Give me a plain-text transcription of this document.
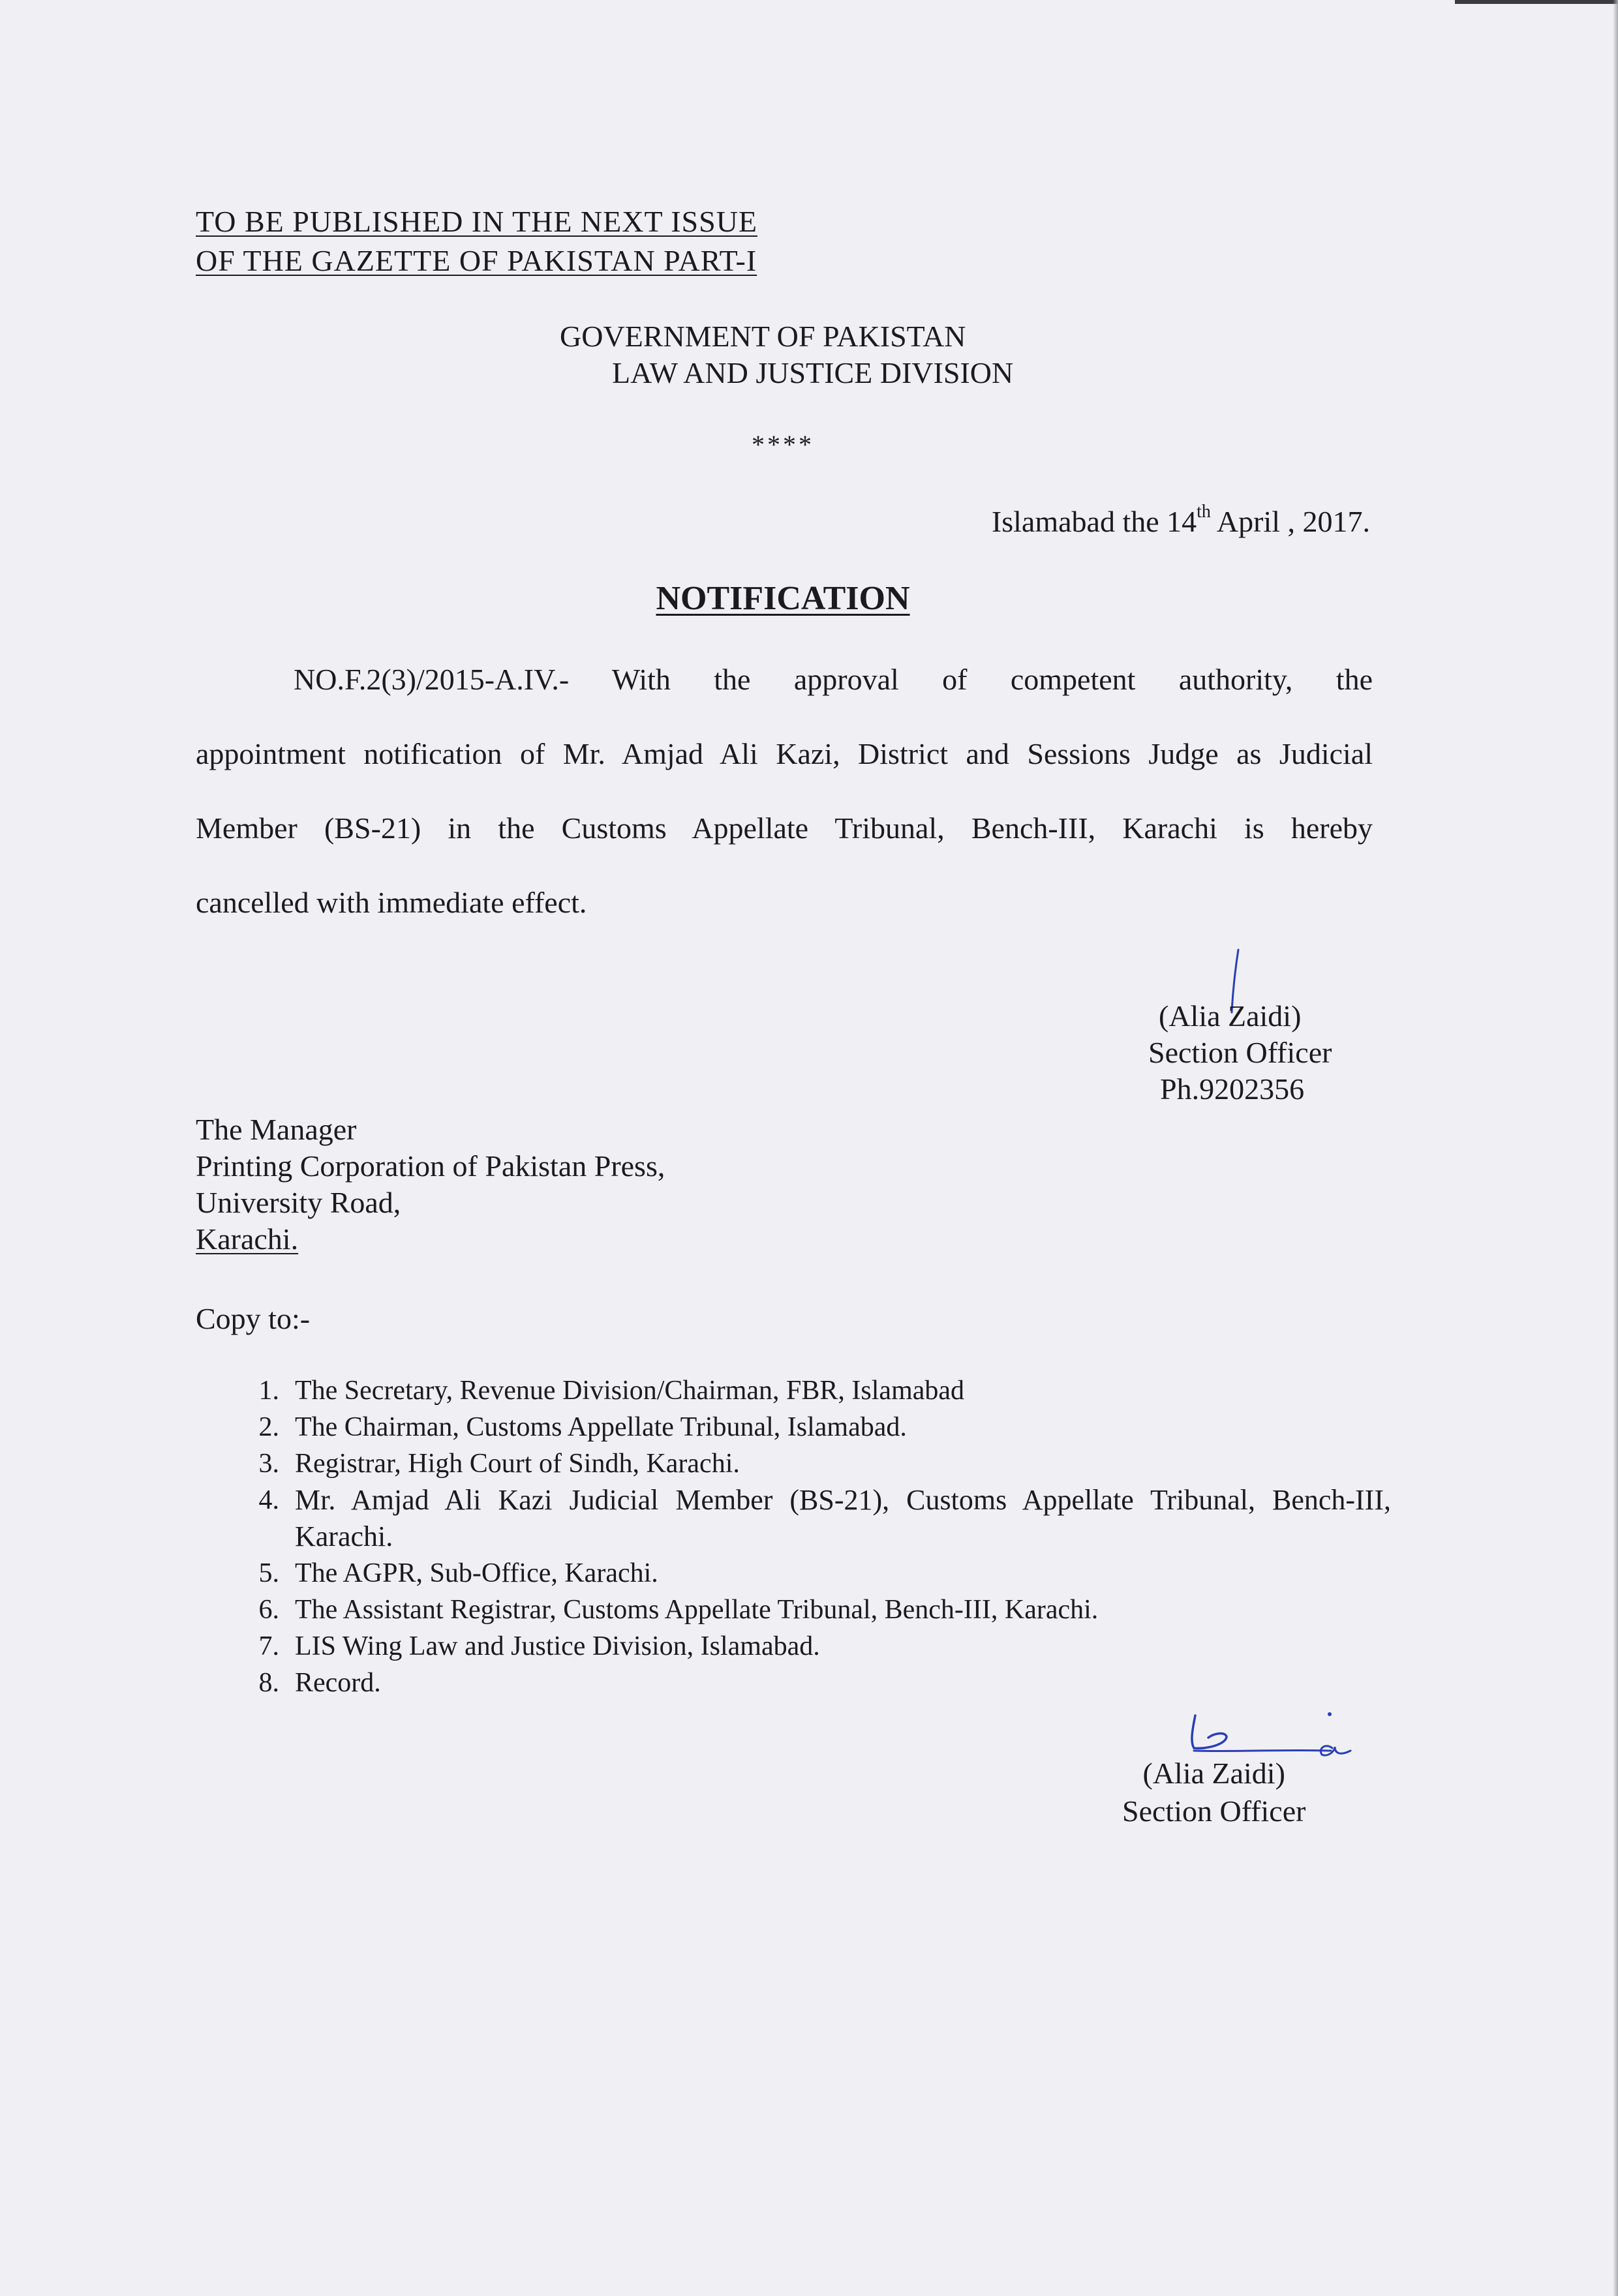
TO BE PUBLISHED IN THE NEXT ISSUE
OF THE GAZETTE OF PAKISTAN PART-I
GOVERNMENT OF PAKISTAN
LAW AND JUSTICE DIVISION
****
Islamabad the 14th April , 2017.
NOTIFICATION
NO.F.2(3)/2015-A.IV.- With the approval of competent authority, the
appointment notification of Mr. Amjad Ali Kazi, District and Sessions Judge as Judicial
Member (BS-21) in the Customs Appellate Tribunal, Bench-III, Karachi is hereby
cancelled with immediate effect.
(Alia Zaidi)
Section Officer
Ph.9202356
The Manager
Printing Corporation of Pakistan Press,
University Road,
Karachi.
Copy to:-
1. The Secretary, Revenue Division/Chairman, FBR, Islamabad
2. The Chairman, Customs Appellate Tribunal, Islamabad.
3. Registrar, High Court of Sindh, Karachi.
4. Mr. Amjad Ali Kazi Judicial Member (BS-21), Customs Appellate Tribunal, Bench-III, Karachi.
5. The AGPR, Sub-Office, Karachi.
6. The Assistant Registrar, Customs Appellate Tribunal, Bench-III, Karachi.
7. LIS Wing Law and Justice Division, Islamabad.
8. Record.
(Alia Zaidi)
Section Officer
